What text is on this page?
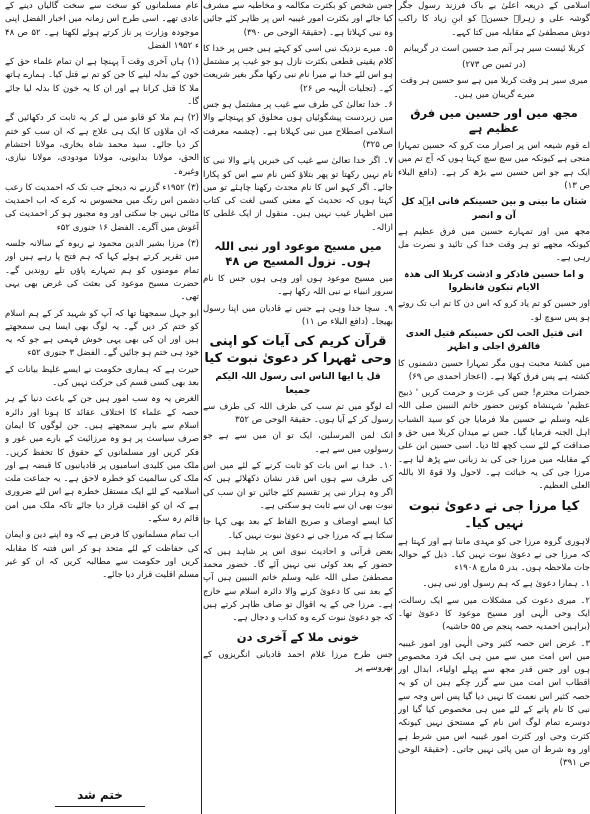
اسلامی کے ذریعہ اعلیٰ بے باک فرزند رسول جگر گوشہ علی و زہراؓ حسینؓ کو ابنِ زیاد کا راکب دوش مصطفیٰ کے مقابلہ میں کتا کہے۔

کربلا ئیست سیر ہر آنم صد حسین است در گریبانم

(در ثمین ص ۲۷۳)

میری سیر ہر وقت کربلا میں ہے سو حسین ہر وقت میرے گریبان میں ہیں۔

مجھ میں اور حسین میں فرق عظیم ہے

اے قوم شیعہ اس پر اصرار مت کرو کہ حسین تمہارا منجی ہے کیونکہ میں سچ سچ کہتا ہوں کہ آج تم میں ایک ہے جو اس حسین سے بڑھ کر ہے۔ (دافع البلاء ص ۱۳)

شتان ما بینی و بین حسینکم فانی ایؔد کل آن و انصر

مجھ میں اور تمہارے حسین میں فرق عظیم ہے کیونکہ مجھے تو ہر وقت خدا کی تائید و نصرت مل رہی ہے۔

و اما حسین فاذکر و اذشت کربلا الی ھذہ الایام تبکون فانظروا

اور حسین کو تم یاد کرو کہ اس دن کا تم اب تک روتے ہو پس سوچ لو۔

انی قتیل الحب لکن حسینکم قتیل العدی فالفرق اجلی و اظہر

میں کشتۂ محبت ہوں مگر تمہارا حسین دشمنوں کا کشتہ ہے پس فرق کھلا ہے۔ (اعجاز احمدی ص ۶۹)

حضرات محترم! جس کی عزت و حرمت کریں ' ذبیح عظیم' شہنشاہ کونین حضور خاتم النبیین صلی اللہ علیہ وسلم نے حسین ملا فرمایا جن کو سید الشباب اہل الجنہ فرمایا گیا۔ جس نے میدان کربلا میں حق و صداقت کے لئے سب کچھ لٹا دیا۔ اسی حسین ابن علی کے مقابلہ میں مرزا جی کی بد زبانی سے پڑھ لیا ہے۔ مرزا جی کی یہ خباثت ہے۔ لاحول ولا قوۃ الا باللہ العلی العظیم۔

کیا مرزا جی نے دعویٰ نبوت نہیں کیا۔

لاہوری گروہ مرزا جی کو مہدی مانتا ہے اور کہتا ہے کہ مرزا جی نے دعویٰ نبوت نہیں کیا۔ ذیل کے حوالہ جات ملاحظہ ہوں۔ بدر ۵ مارچ ۱۹۰۸ء

۱۔ ہمارا دعویٰ ہے کہ ہم رسول اور نبی ہیں۔

۲۔ میری دعوت کی مشکلات میں سے ایک رسالت، ایک وحی الٰہی اور مسیح موعود کا دعویٰ تھا۔ (براہین احمدیہ حصہ پنجم ص ۵۵ حاشیہ)

۳۔ غرض اس حصہ کثیر وحی الٰہی اور امور غیبیہ میں اس امت میں سے میں ہی ایک فرد مخصوص ہوں اور جس قدر مجھ سے پہلے اولیاء، ابدال اور اقطاب اس امت میں سے گزر چکے ہیں ان کو یہ حصہ کثیر اس نعمت کا نہیں دیا گیا پس اس وجہ سے نبی کا نام پانے کے لئے میں ہی مخصوص کیا گیا اور دوسرے تمام لوگ اس نام کے مستحق نہیں کیونکہ کثرت وحی اور کثرت امور غیبیہ اس میں شرط ہے اور وہ شرط ان میں پائی نہیں جاتی۔ (حقیقۃ الوحی ص ۳۹۱)

جس شخص کو بکثرت مکالمہ و مخاطبہ سے مشرف کیا جائے اور بکثرت امور غیبیہ اس پر ظاہر کئے جائیں وہ نبی کہلاتا ہے۔ (حقیقۃ الوحی ص ۳۹۰)

۵۔ میرے نزدیک نبی اسی کو کہتے ہیں جس پر خدا کا کلام یقینی قطعی بکثرت نازل ہو جو غیب پر مشتمل ہو اس لئے خدا نے میرا نام نبی رکھا مگر بغیر شریعت کے۔ (تجلیات الٰہیہ ص ۲۶)

۶۔ خدا تعالیٰ کی طرف سے غیب پر مشتمل ہو جس میں زبردست پیشگوئیاں ہوں مخلوق کو پہنچانے والا اسلامی اصطلاح میں نبی کہلاتا ہے۔ (چشمہ معرفت ص ۳۲۵)

۷۔ اگر خدا تعالیٰ سے غیب کی خبریں پانے والا نبی کا نام نہیں رکھتا تو پھر بتلاؤ کس نام سے اس کو پکارا جائے۔ اگر کہو اس کا نام محدث رکھنا چاہئے تو میں کہتا ہوں کہ تحدیث کے معنی کسی لغت کی کتاب میں اظہار غیب نہیں ہیں۔ منقول از ایک غلطی کا ازالہ۔

میں مسیح موعود اور نبی اللہ ہوں۔ نزول المسیح ص ۴۸

میں مسیح موعود ہوں اور وہی ہوں جس کا نام سرور انبیاء نے نبی اللہ رکھا ہے۔

۹۔ سچا خدا وہی ہے جس نے قادیان میں اپنا رسول بھیجا۔ (دافع البلاء ص ۱۱)

قرآن کریم کی آیات کو اپنی وحی ٹھہرا کر دعویٰ نبوت کیا

قل یا ایھا الناس انی رسول اللہ الیکم جمیعا

اے لوگو میں تم سب کی طرف اللہ کی طرف سے رسول کر کے آیا ہوں۔ حقیقۃ الوحی ص ۳۵۲

انک لمن المرسلین، ایک تو ان میں سے ہے جو رسولوں میں سے ہے۔

۱۰۔ خدا نے اس بات کو ثابت کرنے کے لئے میں اس کی طرف سے ہوں اس قدر نشان دکھلائے ہیں کہ اگر وہ ہزار نبی پر تقسیم کئے جائیں تو ان سب کی نبوت بھی ان سے ثابت ہو سکتی ہے۔

کیا ایسے اوصاف و صریح الفاظ کے بعد بھی کہا جا سکتا ہے کہ مرزا جی نے دعویٰ نبوت نہیں کیا۔

بعض قرآنی و احادیث نبوی اس پر شاہد ہیں کہ حضور کے بعد کوئی نبی نہیں آئے گا۔ حضور محمد مصطفیٰ صلی اللہ علیہ وسلم خاتم النبیین ہیں آپ کے بعد نبی کا دعویٰ کرنے والا دائرہ اسلام سے خارج ہے۔ مرزا جی کے یہ اقوال تو صاف ظاہر کرتے ہیں کہ جو دعویٰ نبوت کرے وہ کذاب و دجال ہے۔

خونی ملا کے آخری دن

جس طرح مرزا غلام احمد قادیانی انگریزوں کے بھروسے پر

عام مسلمانوں کو سخت سے سخت گالیاں دینے کے عادی تھے۔ اسی طرح اس زمانہ میں اخبار الفضل اپنی موجودہ وزارت پر ناز کرتے ہوئے لکھتا ہے۔ ۵۲ ص ۴۸ ء ۱۹۵۲ الفضل

(۱) ہاں آخری وقت آ پہنچا ہے ان تمام علماء حق کے خون کے بدلہ لینے کا جن کو تم نے قتل کیا۔ ہمارے ہاتھ ملا کا قتل کرانا ہے اور ان کا یہ خون کا بدلہ لیا جائے گا۔

(۲) ہم ملا کو قابو میں لے کر یہ ثابت کر دکھائیں گے کہ ان ملاؤں کا ایک ہی علاج ہے کہ ان سب کو ختم کر دیا جائے۔ سید محمد شاہ بخاری، مولانا احتشام الحق، مولانا بدایونی، مولانا مودودی، مولانا نیازی، وغیرہ۔

(۳) ۱۹۵۲ء گزرنے نہ دیجئے جب تک کہ احمدیت کا رعب دشمن اس رنگ میں محسوس نہ کرے کہ اب احمدیت مٹائی نہیں جا سکتی اور وہ مجبور ہو کر احمدیت کی آغوش میں آگرے۔ الفضل ۱۶ جنوری ۵۲ء

(۳) مرزا بشیر الدین محمود نے ربوہ کے سالانہ جلسہ میں تقریر کرتے ہوئے کہا کہ ہم فتح پا رہے ہیں اور تمام مومنوں کو ہم تمہارے پاؤں تلے روندیں گے۔ حضرت مسیح موعود کی بعثت کی غرض بھی یہی تھی۔

ابو جہل سمجھتا تھا کہ آپ کو شہید کر کے ہم اسلام کو ختم کر دیں گے۔ یہ لوگ بھی ایسا ہی سمجھتے ہیں اور ان کی بھی یہی خوش فہمی ہے جو کہ یہ خود ہی ختم ہو جائیں گے۔ الفضل ۳ جنوری ۵۲ء

حیرت ہے کہ ہماری حکومت نے ایسے غلیظ بیانات کے بعد بھی کسی قسم کی حرکت نہیں کی۔

الغرض یہ وہ سب امور ہیں جن کے باعث دنیا کے ہر حصہ کے علماء کا اختلاف عقائد کا ہونا اور دائرہ اسلام سے باہر سمجھتے ہیں۔ جن لوگوں کا ایمان صرف سیاست پر ہو وہ مرزائیت کے بارے میں غور و فکر کریں اور مسلمانوں کے حقوق کا تحفظ کریں۔ ملک میں کلیدی اسامیوں پر قادیانیوں کا قبضہ ہے اور ملک کی سالمیت کو خطرہ لاحق ہے۔ یہ جماعت ملت اسلامیہ کے لئے ایک مستقل خطرہ ہے اس لئے ضروری ہے کہ ان کو اقلیت قرار دیا جائے تاکہ ملک میں امن قائم رہ سکے۔

اب تمام مسلمانوں کا فرض ہے کہ وہ اپنے دین و ایمان کی حفاظت کے لئے متحد ہو کر اس فتنہ کا مقابلہ کریں اور حکومت سے مطالبہ کریں کہ ان کو غیر مسلم اقلیت قرار دیا جائے۔

ختم شد
